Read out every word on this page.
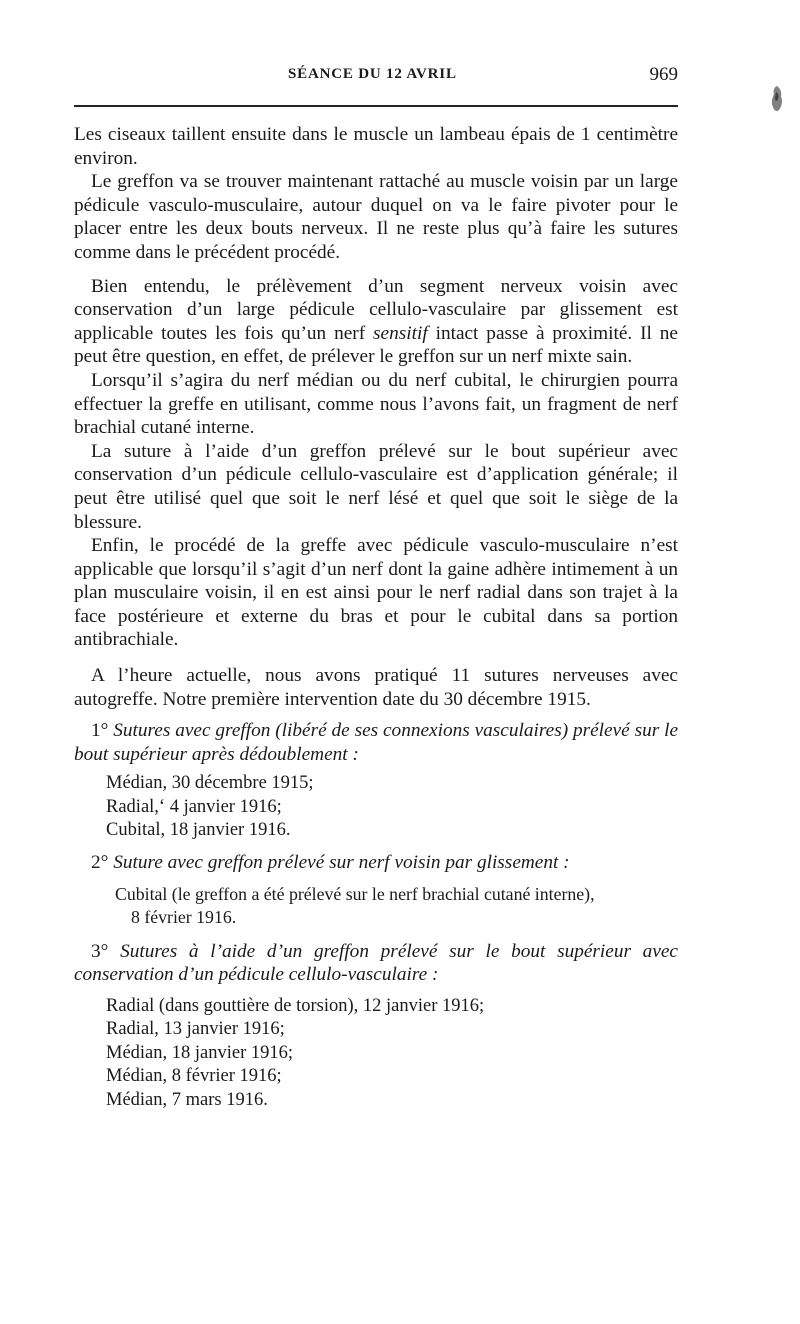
SÉANCE DU 12 AVRIL	969

Les ciseaux taillent ensuite dans le muscle un lambeau épais de 1 centimètre environ.

Le greffon va se trouver maintenant rattaché au muscle voisin par un large pédicule vasculo-musculaire, autour duquel on va le faire pivoter pour le placer entre les deux bouts nerveux. Il ne reste plus qu’à faire les sutures comme dans le précédent procédé.

Bien entendu, le prélèvement d’un segment nerveux voisin avec conservation d’un large pédicule cellulo-vasculaire par glissement est applicable toutes les fois qu’un nerf sensitif intact passe à proximité. Il ne peut être question, en effet, de prélever le greffon sur un nerf mixte sain.

Lorsqu’il s’agira du nerf médian ou du nerf cubital, le chirurgien pourra effectuer la greffe en utilisant, comme nous l’avons fait, un fragment de nerf brachial cutané interne.

La suture à l’aide d’un greffon prélevé sur le bout supérieur avec conservation d’un pédicule cellulo-vasculaire est d’application générale; il peut être utilisé quel que soit le nerf lésé et quel que soit le siège de la blessure.

Enfin, le procédé de la greffe avec pédicule vasculo-musculaire n’est applicable que lorsqu’il s’agit d’un nerf dont la gaine adhère intimement à un plan musculaire voisin, il en est ainsi pour le nerf radial dans son trajet à la face postérieure et externe du bras et pour le cubital dans sa portion antibrachiale.

A l’heure actuelle, nous avons pratiqué 11 sutures nerveuses avec autogreffe. Notre première intervention date du 30 décembre 1915.

1° Sutures avec greffon (libéré de ses connexions vasculaires) prélevé sur le bout supérieur après dédoublement :

Médian, 30 décembre 1915;
Radial,ʻ 4 janvier 1916;
Cubital, 18 janvier 1916.

2° Suture avec greffon prélevé sur nerf voisin par glissement :

Cubital (le greffon a été prélevé sur le nerf brachial cutané interne),
8 février 1916.

3° Sutures à l’aide d’un greffon prélevé sur le bout supérieur avec conservation d’un pédicule cellulo-vasculaire :

Radial (dans gouttière de torsion), 12 janvier 1916;
Radial, 13 janvier 1916;
Médian, 18 janvier 1916;
Médian, 8 février 1916;
Médian, 7 mars 1916.
